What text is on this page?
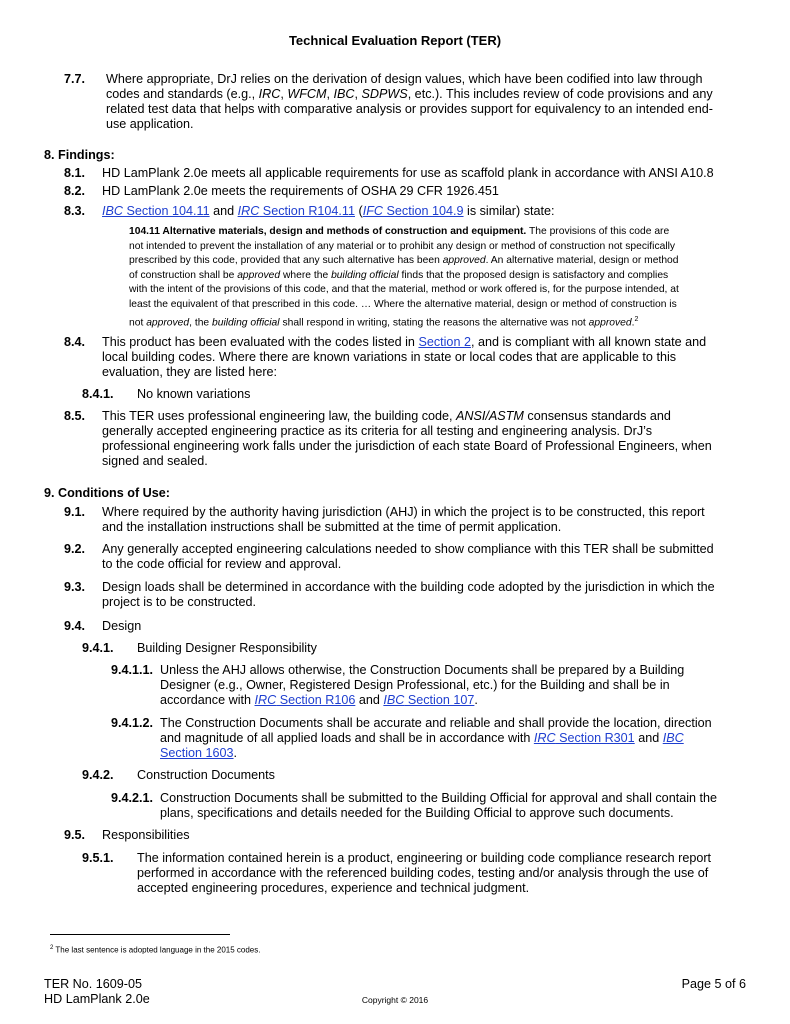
Technical Evaluation Report (TER)
7.7. Where appropriate, DrJ relies on the derivation of design values, which have been codified into law through
codes and standards (e.g., IRC, WFCM, IBC, SDPWS, etc.). This includes review of code provisions and any
related test data that helps with comparative analysis or provides support for equivalency to an intended end-
use application.
8. Findings:
8.1. HD LamPlank 2.0e meets all applicable requirements for use as scaffold plank in accordance with ANSI A10.8
8.2. HD LamPlank 2.0e meets the requirements of OSHA 29 CFR 1926.451
8.3. IBC Section 104.11 and IRC Section R104.11 (IFC Section 104.9 is similar) state:
104.11 Alternative materials, design and methods of construction and equipment. The provisions of this code are
not intended to prevent the installation of any material or to prohibit any design or method of construction not specifically
prescribed by this code, provided that any such alternative has been approved. An alternative material, design or method
of construction shall be approved where the building official finds that the proposed design is satisfactory and complies
with the intent of the provisions of this code, and that the material, method or work offered is, for the purpose intended, at
least the equivalent of that prescribed in this code. … Where the alternative material, design or method of construction is
not approved, the building official shall respond in writing, stating the reasons the alternative was not approved.$^2$
8.4. This product has been evaluated with the codes listed in Section 2, and is compliant with all known state and
local building codes. Where there are known variations in state or local codes that are applicable to this
evaluation, they are listed here:
8.4.1. No known variations
8.5. This TER uses professional engineering law, the building code, ANSI/ASTM consensus standards and
generally accepted engineering practice as its criteria for all testing and engineering analysis. DrJ’s
professional engineering work falls under the jurisdiction of each state Board of Professional Engineers, when
signed and sealed.
9. Conditions of Use:
9.1. Where required by the authority having jurisdiction (AHJ) in which the project is to be constructed, this report
and the installation instructions shall be submitted at the time of permit application.
9.2. Any generally accepted engineering calculations needed to show compliance with this TER shall be submitted
to the code official for review and approval.
9.3. Design loads shall be determined in accordance with the building code adopted by the jurisdiction in which the
project is to be constructed.
9.4. Design
9.4.1. Building Designer Responsibility
9.4.1.1. Unless the AHJ allows otherwise, the Construction Documents shall be prepared by a Building
Designer (e.g., Owner, Registered Design Professional, etc.) for the Building and shall be in
accordance with IRC Section R106 and IBC Section 107.
9.4.1.2. The Construction Documents shall be accurate and reliable and shall provide the location, direction
and magnitude of all applied loads and shall be in accordance with IRC Section R301 and IBC
Section 1603.
9.4.2. Construction Documents
9.4.2.1. Construction Documents shall be submitted to the Building Official for approval and shall contain the
plans, specifications and details needed for the Building Official to approve such documents.
9.5. Responsibilities
9.5.1. The information contained herein is a product, engineering or building code compliance research report
performed in accordance with the referenced building codes, testing and/or analysis through the use of
accepted engineering procedures, experience and technical judgment.
$^2$ The last sentence is adopted language in the 2015 codes.
TER No. 1609-05
HD LamPlank 2.0e	Copyright © 2016
Page 5 of 6
